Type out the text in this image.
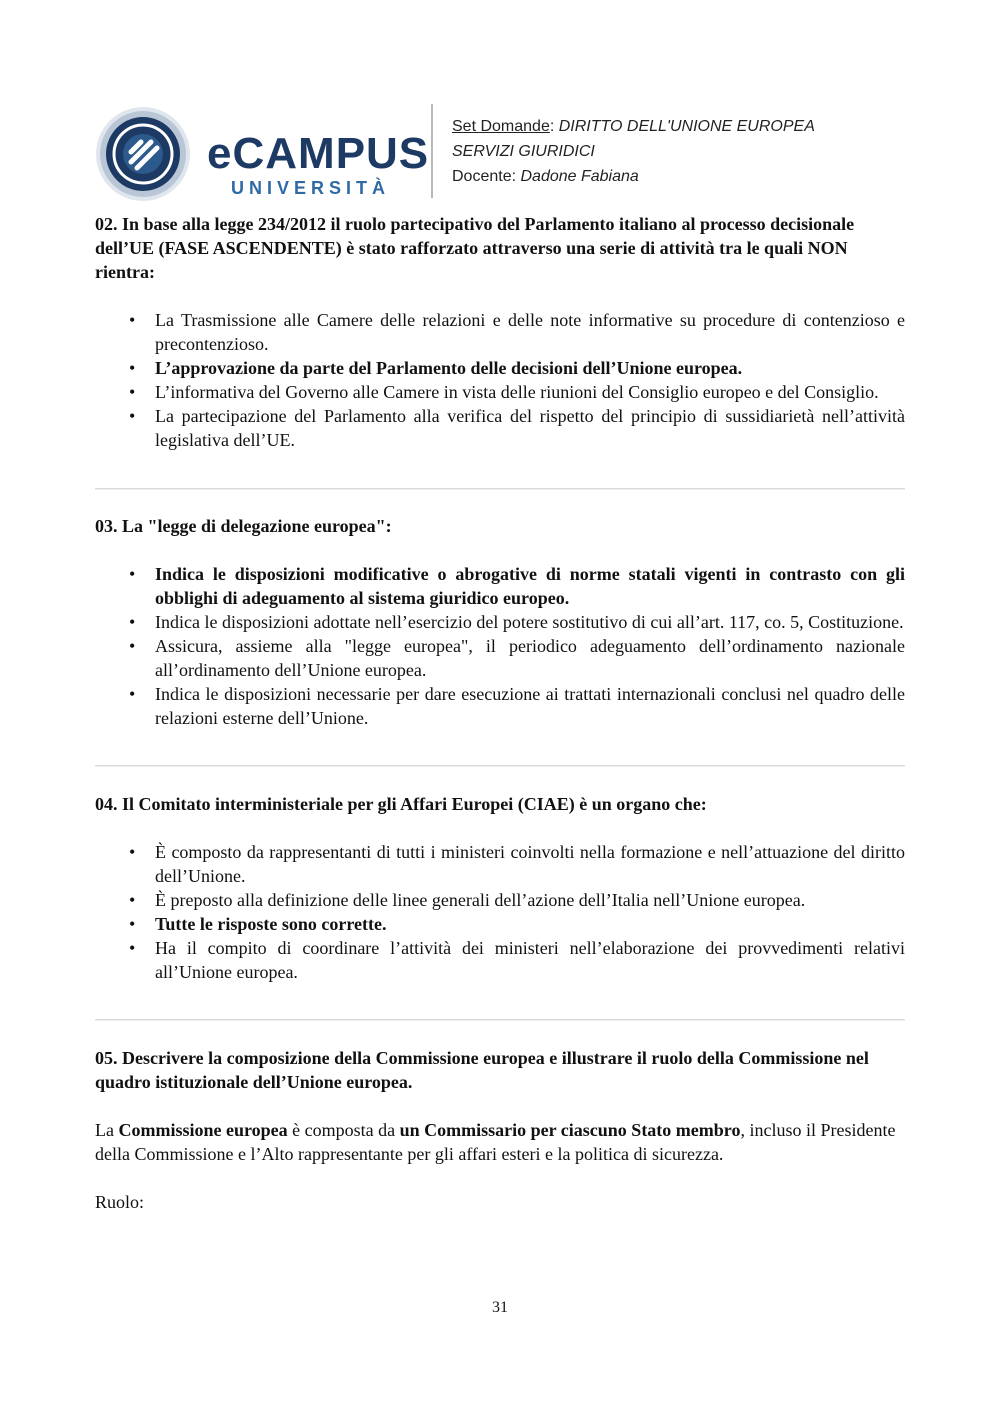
eCAMPUS
UNIVERSITÀ
Set Domande: DIRITTO DELL'UNIONE EUROPEA
SERVIZI GIURIDICI
Docente: Dadone Fabiana

02. In base alla legge 234/2012 il ruolo partecipativo del Parlamento italiano al processo decisionale dell’UE (FASE ASCENDENTE) è stato rafforzato attraverso una serie di attività tra le quali NON rientra:

• La Trasmissione alle Camere delle relazioni e delle note informative su procedure di contenzioso e precontenzioso.
• L’approvazione da parte del Parlamento delle decisioni dell’Unione europea.
• L’informativa del Governo alle Camere in vista delle riunioni del Consiglio europeo e del Consiglio.
• La partecipazione del Parlamento alla verifica del rispetto del principio di sussidiarietà nell’attività legislativa dell’UE.

03. La "legge di delegazione europea":

• Indica le disposizioni modificative o abrogative di norme statali vigenti in contrasto con gli obblighi di adeguamento al sistema giuridico europeo.
• Indica le disposizioni adottate nell’esercizio del potere sostitutivo di cui all’art. 117, co. 5, Costituzione.
• Assicura, assieme alla "legge europea", il periodico adeguamento dell’ordinamento nazionale all’ordinamento dell’Unione europea.
• Indica le disposizioni necessarie per dare esecuzione ai trattati internazionali conclusi nel quadro delle relazioni esterne dell’Unione.

04. Il Comitato interministeriale per gli Affari Europei (CIAE) è un organo che:

• È composto da rappresentanti di tutti i ministeri coinvolti nella formazione e nell’attuazione del diritto dell’Unione.
• È preposto alla definizione delle linee generali dell’azione dell’Italia nell’Unione europea.
• Tutte le risposte sono corrette.
• Ha il compito di coordinare l’attività dei ministeri nell’elaborazione dei provvedimenti relativi all’Unione europea.

05. Descrivere la composizione della Commissione europea e illustrare il ruolo della Commissione nel quadro istituzionale dell’Unione europea.

La Commissione europea è composta da un Commissario per ciascuno Stato membro, incluso il Presidente della Commissione e l’Alto rappresentante per gli affari esteri e la politica di sicurezza.

Ruolo:

31
